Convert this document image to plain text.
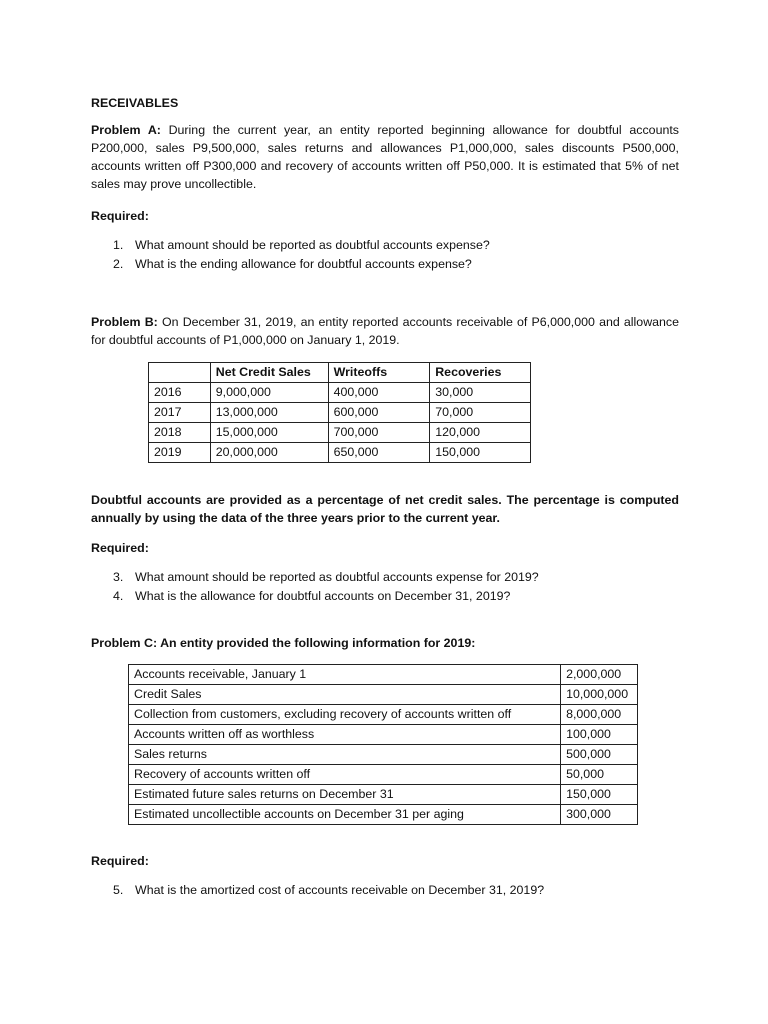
RECEIVABLES
Problem A: During the current year, an entity reported beginning allowance for doubtful accounts P200,000, sales P9,500,000, sales returns and allowances P1,000,000, sales discounts P500,000, accounts written off P300,000 and recovery of accounts written off P50,000. It is estimated that 5% of net sales may prove uncollectible.
Required:
1. What amount should be reported as doubtful accounts expense?
2. What is the ending allowance for doubtful accounts expense?
Problem B: On December 31, 2019, an entity reported accounts receivable of P6,000,000 and allowance for doubtful accounts of P1,000,000 on January 1, 2019.
	Net Credit Sales	Writeoffs	Recoveries
2016	9,000,000	400,000	30,000
2017	13,000,000	600,000	70,000
2018	15,000,000	700,000	120,000
2019	20,000,000	650,000	150,000
Doubtful accounts are provided as a percentage of net credit sales. The percentage is computed annually by using the data of the three years prior to the current year.
Required:
3. What amount should be reported as doubtful accounts expense for 2019?
4. What is the allowance for doubtful accounts on December 31, 2019?
Problem C: An entity provided the following information for 2019:
Accounts receivable, January 1	2,000,000
Credit Sales	10,000,000
Collection from customers, excluding recovery of accounts written off	8,000,000
Accounts written off as worthless	100,000
Sales returns	500,000
Recovery of accounts written off	50,000
Estimated future sales returns on December 31	150,000
Estimated uncollectible accounts on December 31 per aging	300,000
Required:
5. What is the amortized cost of accounts receivable on December 31, 2019?
